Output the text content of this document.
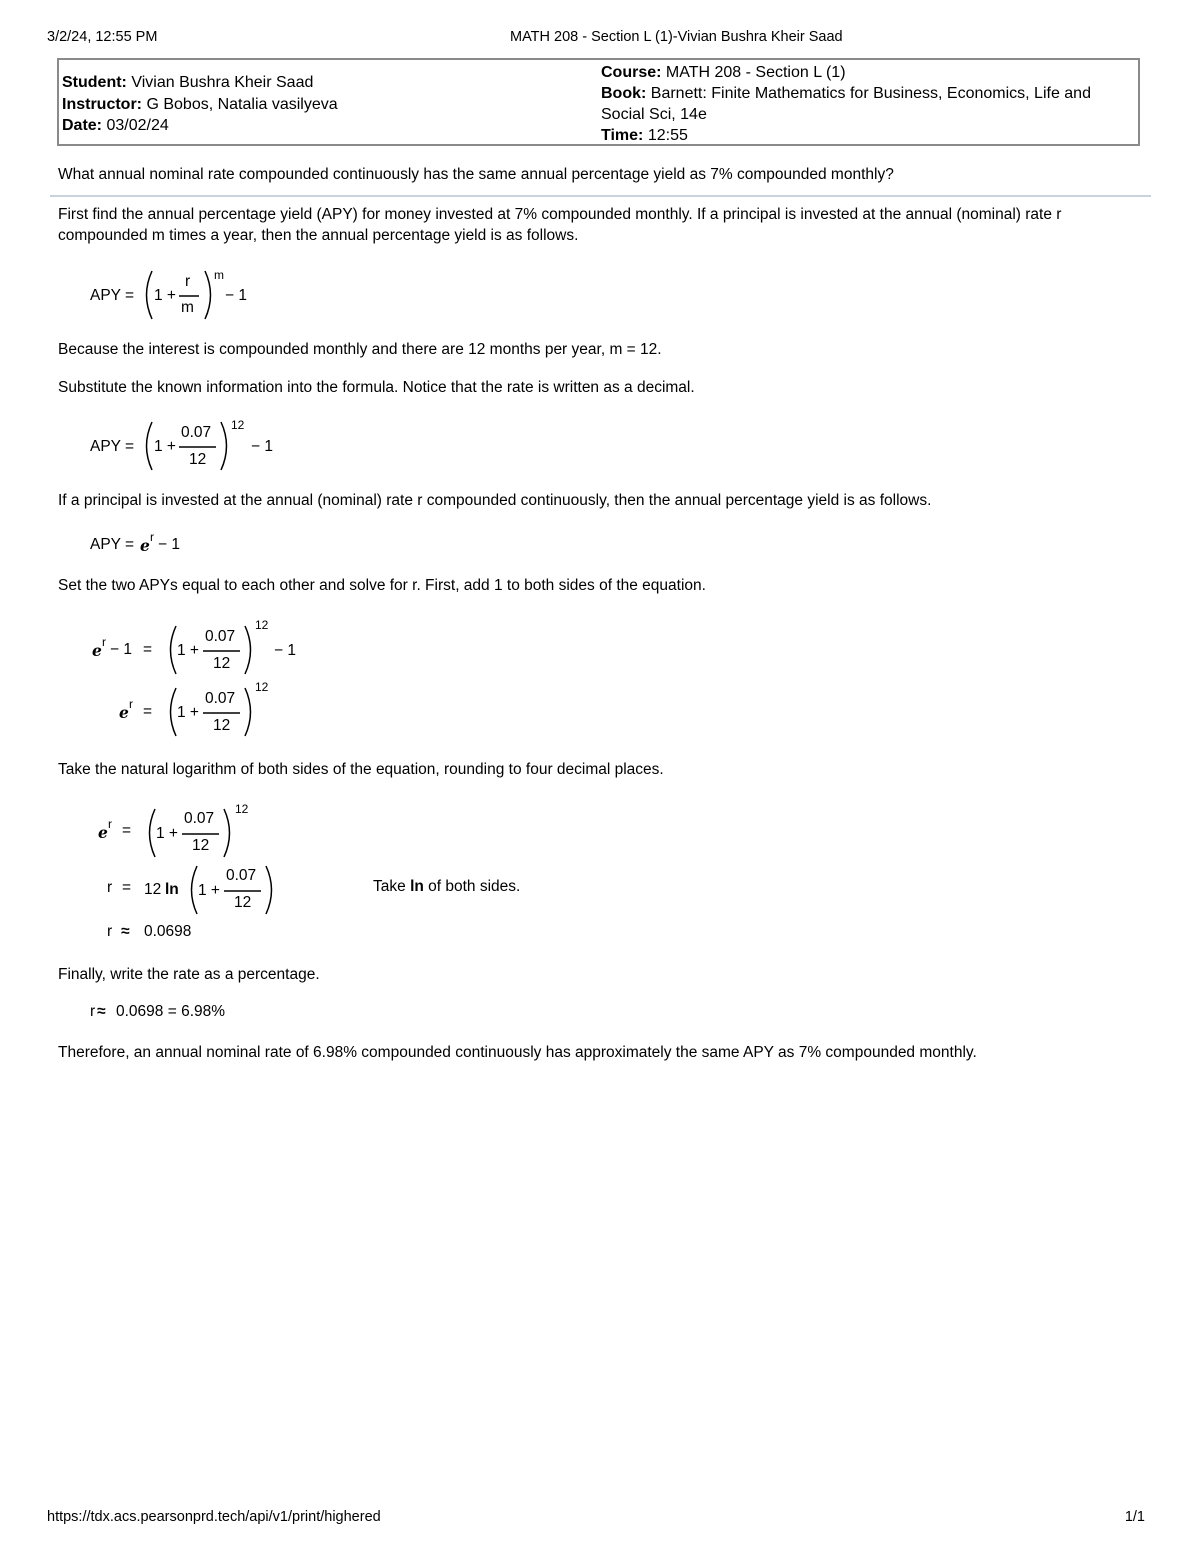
3/2/24, 12:55 PM	MATH 208 - Section L (1)-Vivian Bushra Kheir Saad
Student: Vivian Bushra Kheir Saad
Instructor: G Bobos, Natalia vasilyeva
Date: 03/02/24
Course: MATH 208 - Section L (1)
Book: Barnett: Finite Mathematics for Business, Economics, Life and Social Sci, 14e
Time: 12:55
What annual nominal rate compounded continuously has the same annual percentage yield as 7% compounded monthly?
First find the annual percentage yield (APY) for money invested at 7% compounded monthly. If a principal is invested at the annual (nominal) rate r compounded m times a year, then the annual percentage yield is as follows.
APY = 1 +
r
m
m
− 1
Because the interest is compounded monthly and there are 12 months per year, m = 12.
Substitute the known information into the formula. Notice that the rate is written as a decimal.
APY = 1 +
0.07
12
12
− 1
If a principal is invested at the annual (nominal) rate r compounded continuously, then the annual percentage yield is as follows.
APY = e r − 1
Set the two APYs equal to each other and solve for r. First, add 1 to both sides of the equation.
e r − 1 = 1 +
0.07
12
12
− 1
e r = 1 +
0.07
12
12
Take the natural logarithm of both sides of the equation, rounding to four decimal places.
e r = 1 +
0.07
12
12
r = 12 ln 1 +
0.07
12
r ≈ 0.0698
Take ln of both sides.
Finally, write the rate as a percentage.
r ≈ 0.0698 = 6.98%
Therefore, an annual nominal rate of 6.98% compounded continuously has approximately the same APY as 7% compounded monthly.
https://tdx.acs.pearsonprd.tech/api/v1/print/highered	1/1
